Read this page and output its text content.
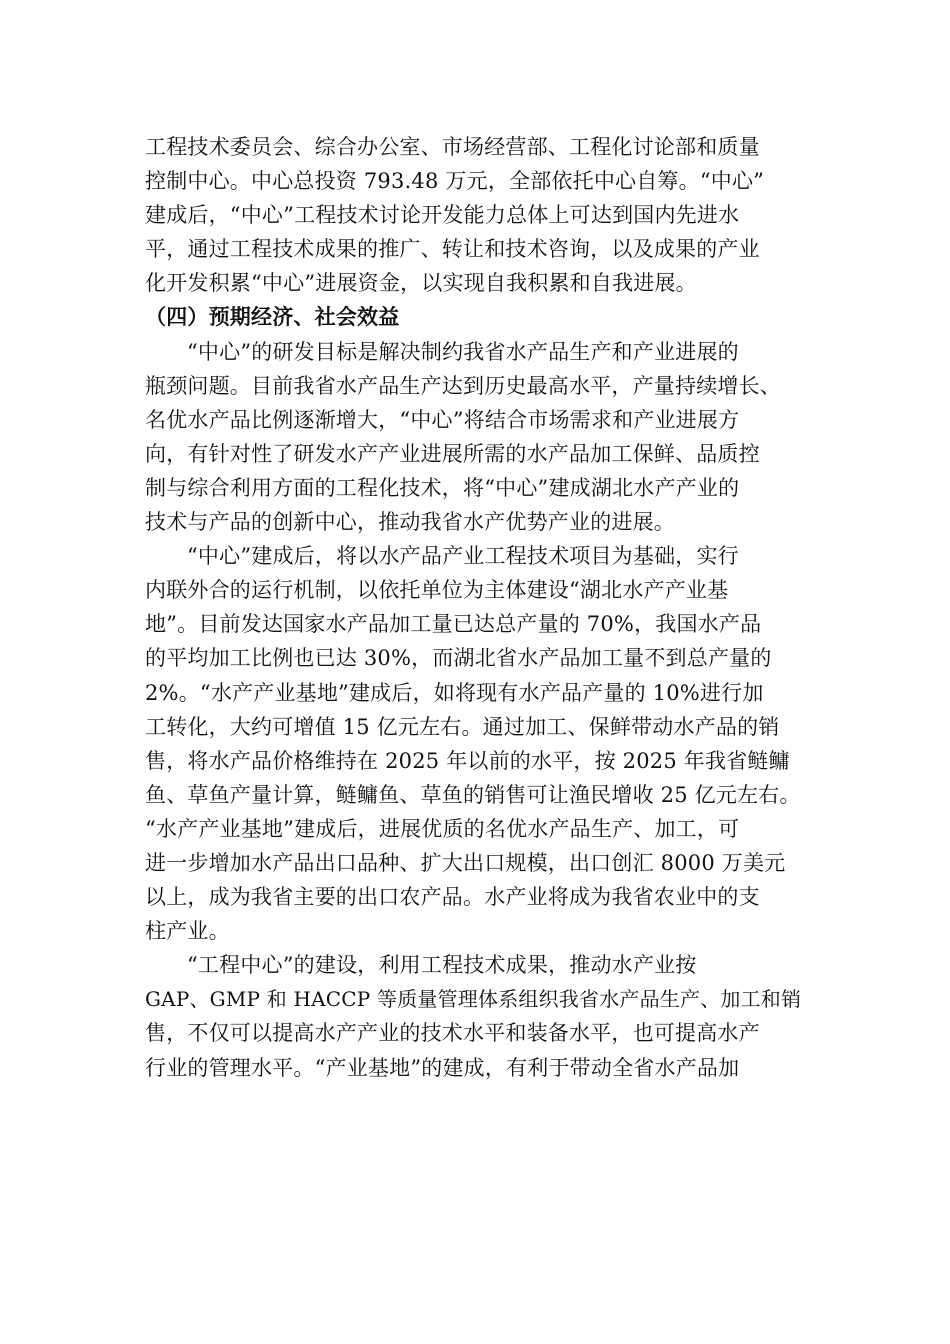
工程技术委员会、综合办公室、市场经营部、工程化讨论部和质量
控制中心。中心总投资 793.48 万元，全部依托中心自筹。“中心”
建成后，“中心”工程技术讨论开发能力总体上可达到国内先进水
平，通过工程技术成果的推广、转让和技术咨询，以及成果的产业
化开发积累“中心”进展资金，以实现自我积累和自我进展。
（四）预期经济、社会效益
“中心”的研发目标是解决制约我省水产品生产和产业进展的
瓶颈问题。目前我省水产品生产达到历史最高水平，产量持续增长、
名优水产品比例逐渐增大，“中心”将结合市场需求和产业进展方
向，有针对性了研发水产产业进展所需的水产品加工保鲜、品质控
制与综合利用方面的工程化技术，将“中心”建成湖北水产产业的
技术与产品的创新中心，推动我省水产优势产业的进展。
“中心”建成后，将以水产品产业工程技术项目为基础，实行
内联外合的运行机制，以依托单位为主体建设“湖北水产产业基
地”。目前发达国家水产品加工量已达总产量的 70%，我国水产品
的平均加工比例也已达 30%，而湖北省水产品加工量不到总产量的
2%。“水产产业基地”建成后，如将现有水产品产量的 10%进行加
工转化，大约可增值 15 亿元左右。通过加工、保鲜带动水产品的销
售，将水产品价格维持在 2025 年以前的水平，按 2025 年我省鲢鳙
鱼、草鱼产量计算，鲢鳙鱼、草鱼的销售可让渔民增收 25 亿元左右。
“水产产业基地”建成后，进展优质的名优水产品生产、加工，可
进一步增加水产品出口品种、扩大出口规模，出口创汇 8000 万美元
以上，成为我省主要的出口农产品。水产业将成为我省农业中的支
柱产业。
“工程中心”的建设，利用工程技术成果，推动水产业按
GAP、GMP 和 HACCP 等质量管理体系组织我省水产品生产、加工和销
售，不仅可以提高水产产业的技术水平和装备水平，也可提高水产
行业的管理水平。“产业基地”的建成，有利于带动全省水产品加
